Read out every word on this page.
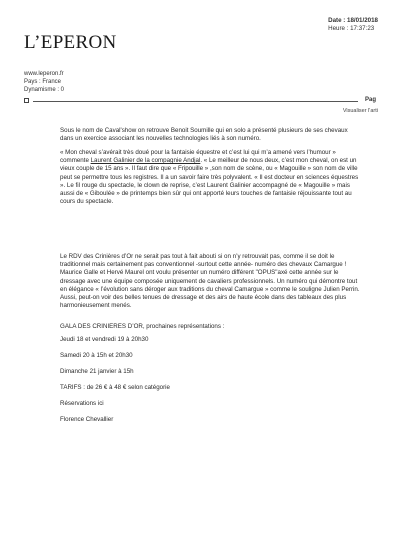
Date : 18/01/2018
Heure : 17:37:23
L’EPERON
www.leperon.fr
Pays : France
Dynamisme : 0
Pag
Visualiser l'arti
Sous le nom de Caval'show on retrouve Benoit Soumille qui en solo a présenté plusieurs de ses chevaux dans un exercice associant les nouvelles technologies liés à son numéro.
« Mon cheval s’avérait très doué pour la fantaisie équestre et c’est lui qui m’a amené vers l’humour » commente Laurent Galinier de la compagnie Andjal. « Le meilleur de nous deux, c’est mon cheval, on est un vieux couple de 15 ans ». Il faut dire que « Fripouille » ,son nom de scène, ou « Magouille » son nom de ville peut se permettre tous les registres. Il a un savoir faire très polyvalent. « Il est docteur en sciences équestres ». Le fil rouge du spectacle, le clown de reprise, c’est Laurent Galinier accompagné de « Magouille » mais aussi de « Giboulée » de printemps bien sûr qui ont apporté leurs touches de fantaisie réjouissante tout au cours du spectacle.
Le RDV des Crinières d’Or ne serait pas tout à fait abouti si on n’y retrouvait pas, comme il se doit le traditionnel mais certainement pas conventionnel -surtout cette année- numéro des chevaux Camargue ! Maurice Galle et Hervé Maurel ont voulu présenter un numéro différent "OPUS"axé cette année sur le dressage avec une équipe composée uniquement de cavaliers professionnels. Un numéro qui démontre tout en élégance « l’évolution sans déroger aux traditions du cheval Camargue » comme le souligne Julien Perrin. Aussi, peut-on voir des belles tenues de dressage et des airs de haute école dans des tableaux des plus harmonieusement menés.
GALA DES CRINIERES D’OR, prochaines représentations :
Jeudi 18 et vendredi 19 à 20h30
Samedi 20 à 15h et 20h30
Dimanche 21 janvier à 15h
TARIFS : de 26 € à 48 € selon catégorie
Réservations ici
Florence Chevallier
